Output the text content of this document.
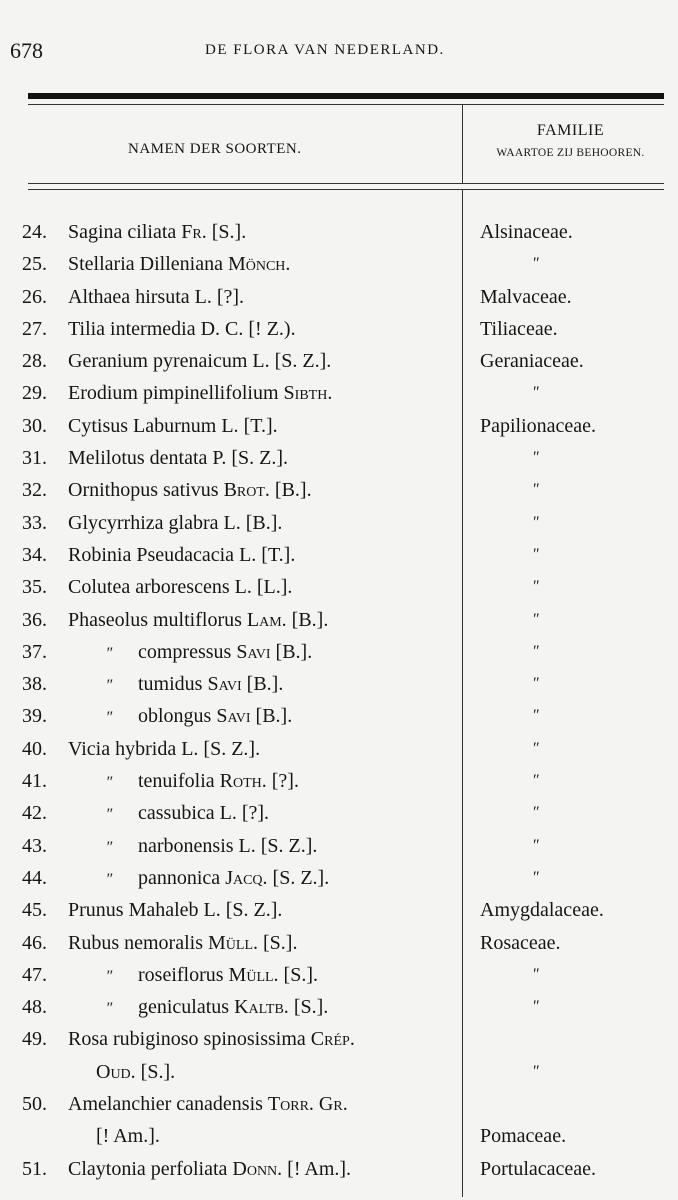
678	DE FLORA VAN NEDERLAND.
NAMEN DER SOORTEN.
FAMILIE
WAARTOE ZIJ BEHOOREN.
24. Sagina ciliata Fr. [S.].	Alsinaceae.
25. Stellaria Dilleniana Mönch.	″
26. Althaea hirsuta L. [?].	Malvaceae.
27. Tilia intermedia D. C. [! Z.).	Tiliaceae.
28. Geranium pyrenaicum L. [S. Z.].	Geraniaceae.
29. Erodium pimpinellifolium Sibth.	″
30. Cytisus Laburnum L. [T.].	Papilionaceae.
31. Melilotus dentata P. [S. Z.].	″
32. Ornithopus sativus Brot. [B.].	″
33. Glycyrrhiza glabra L. [B.].	″
34. Robinia Pseudacacia L. [T.].	″
35. Colutea arborescens L. [L.].	″
36. Phaseolus multiflorus Lam. [B.].	″
37.	″ compressus Savi [B.].	″
38.	″ tumidus Savi [B.].	″
39.	″ oblongus Savi [B.].	″
40. Vicia hybrida L. [S. Z.].	″
41.	″ tenuifolia Roth. [?].	″
42.	″ cassubica L. [?].	″
43.	″ narbonensis L. [S. Z.].	″
44.	″ pannonica Jacq. [S. Z.].	″
45. Prunus Mahaleb L. [S. Z.].	Amygdalaceae.
46. Rubus nemoralis Müll. [S.].	Rosaceae.
47.	″ roseiflorus Müll. [S.].	″
48.	″ geniculatus Kaltb. [S.].	″
49. Rosa rubiginoso spinosissima Crép.
Oud. [S.].	″
50. Amelanchier canadensis Torr. Gr.
[! Am.].	Pomaceae.
51. Claytonia perfoliata Donn. [! Am.].	Portulacaceae.
